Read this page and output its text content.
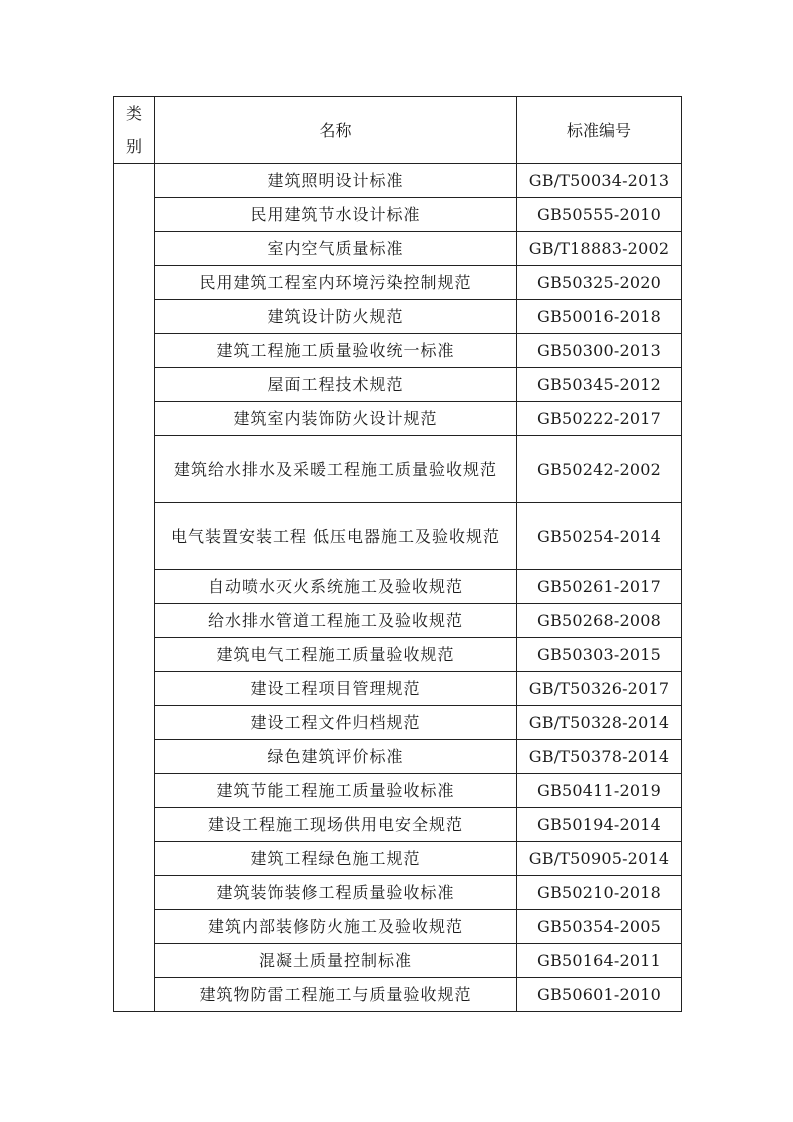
类
别	名称	标准编号
	建筑照明设计标准	GB/T50034-2013
	民用建筑节水设计标准	GB50555-2010
	室内空气质量标准	GB/T18883-2002
	民用建筑工程室内环境污染控制规范	GB50325-2020
	建筑设计防火规范	GB50016-2018
	建筑工程施工质量验收统一标准	GB50300-2013
	屋面工程技术规范	GB50345-2012
	建筑室内装饰防火设计规范	GB50222-2017
	建筑给水排水及采暖工程施工质量验收规范	GB50242-2002
	电气装置安装工程 低压电器施工及验收规范	GB50254-2014
	自动喷水灭火系统施工及验收规范	GB50261-2017
	给水排水管道工程施工及验收规范	GB50268-2008
	建筑电气工程施工质量验收规范	GB50303-2015
	建设工程项目管理规范	GB/T50326-2017
	建设工程文件归档规范	GB/T50328-2014
	绿色建筑评价标准	GB/T50378-2014
	建筑节能工程施工质量验收标准	GB50411-2019
	建设工程施工现场供用电安全规范	GB50194-2014
	建筑工程绿色施工规范	GB/T50905-2014
	建筑装饰装修工程质量验收标准	GB50210-2018
	建筑内部装修防火施工及验收规范	GB50354-2005
	混凝土质量控制标准	GB50164-2011
	建筑物防雷工程施工与质量验收规范	GB50601-2010
